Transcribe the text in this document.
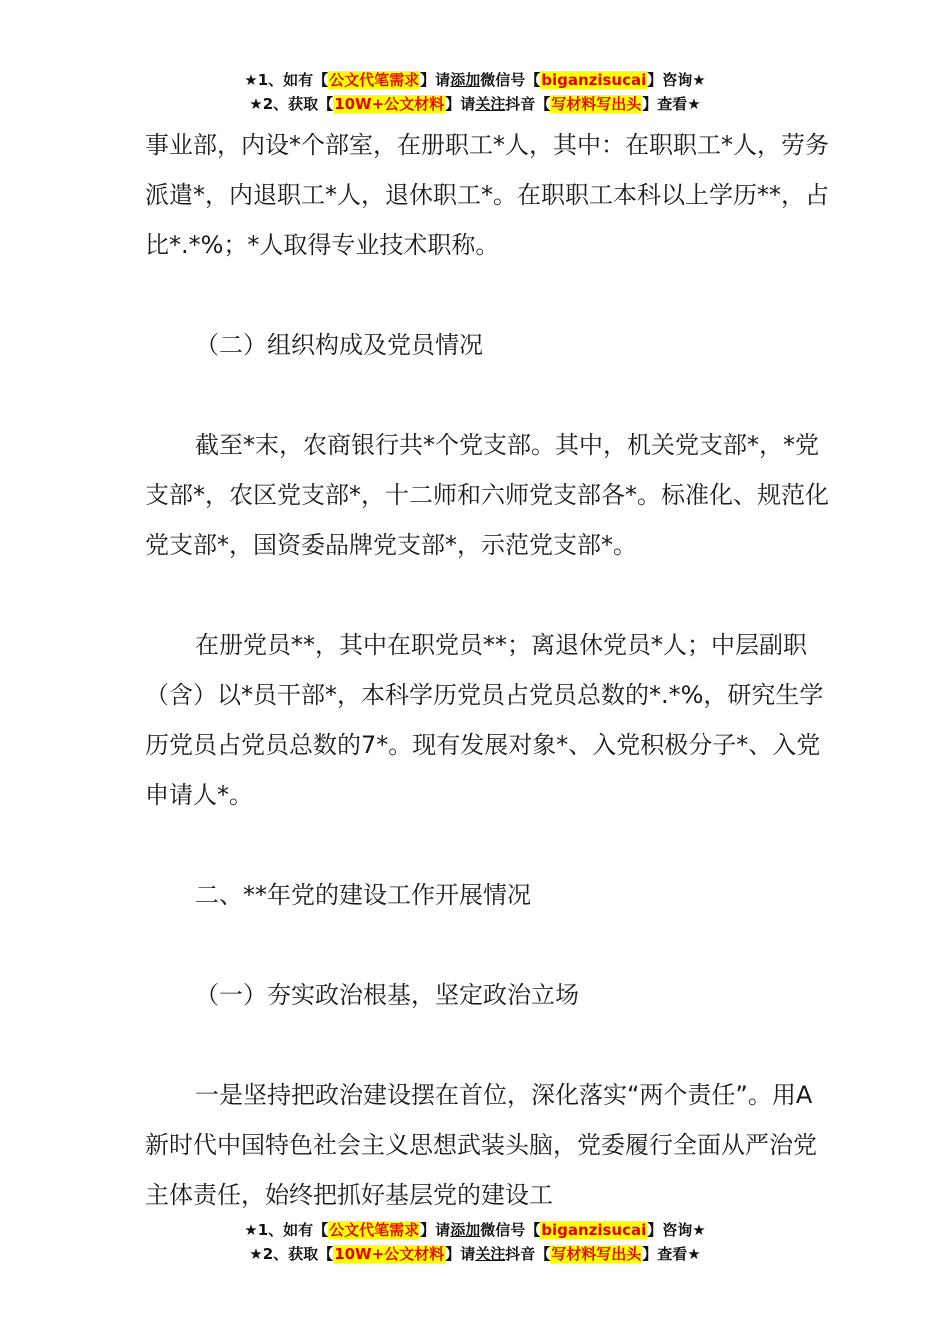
★1、如有【公文代笔需求】请添加微信号【biganzisucai】咨询★
★2、获取【10W+公文材料】请关注抖音【写材料写出头】查看★

事业部，内设*个部室，在册职工*人，其中：在职职工*人，劳务派遣*，内退职工*人，退休职工*。在职职工本科以上学历**，占比*.*%；*人取得专业技术职称。

（二）组织构成及党员情况

截至*末，农商银行共*个党支部。其中，机关党支部*，*党支部*，农区党支部*，十二师和六师党支部各*。标准化、规范化党支部*，国资委品牌党支部*，示范党支部*。

在册党员**，其中在职党员**；离退休党员*人；中层副职（含）以*员干部*，本科学历党员占党员总数的*.*%，研究生学历党员占党员总数的7*。现有发展对象*、入党积极分子*、入党申请人*。

二、**年党的建设工作开展情况

（一）夯实政治根基，坚定政治立场

一是坚持把政治建设摆在首位，深化落实“两个责任”。用A新时代中国特色社会主义思想武装头脑，党委履行全面从严治党主体责任，始终把抓好基层党的建设工

★1、如有【公文代笔需求】请添加微信号【biganzisucai】咨询★
★2、获取【10W+公文材料】请关注抖音【写材料写出头】查看★
